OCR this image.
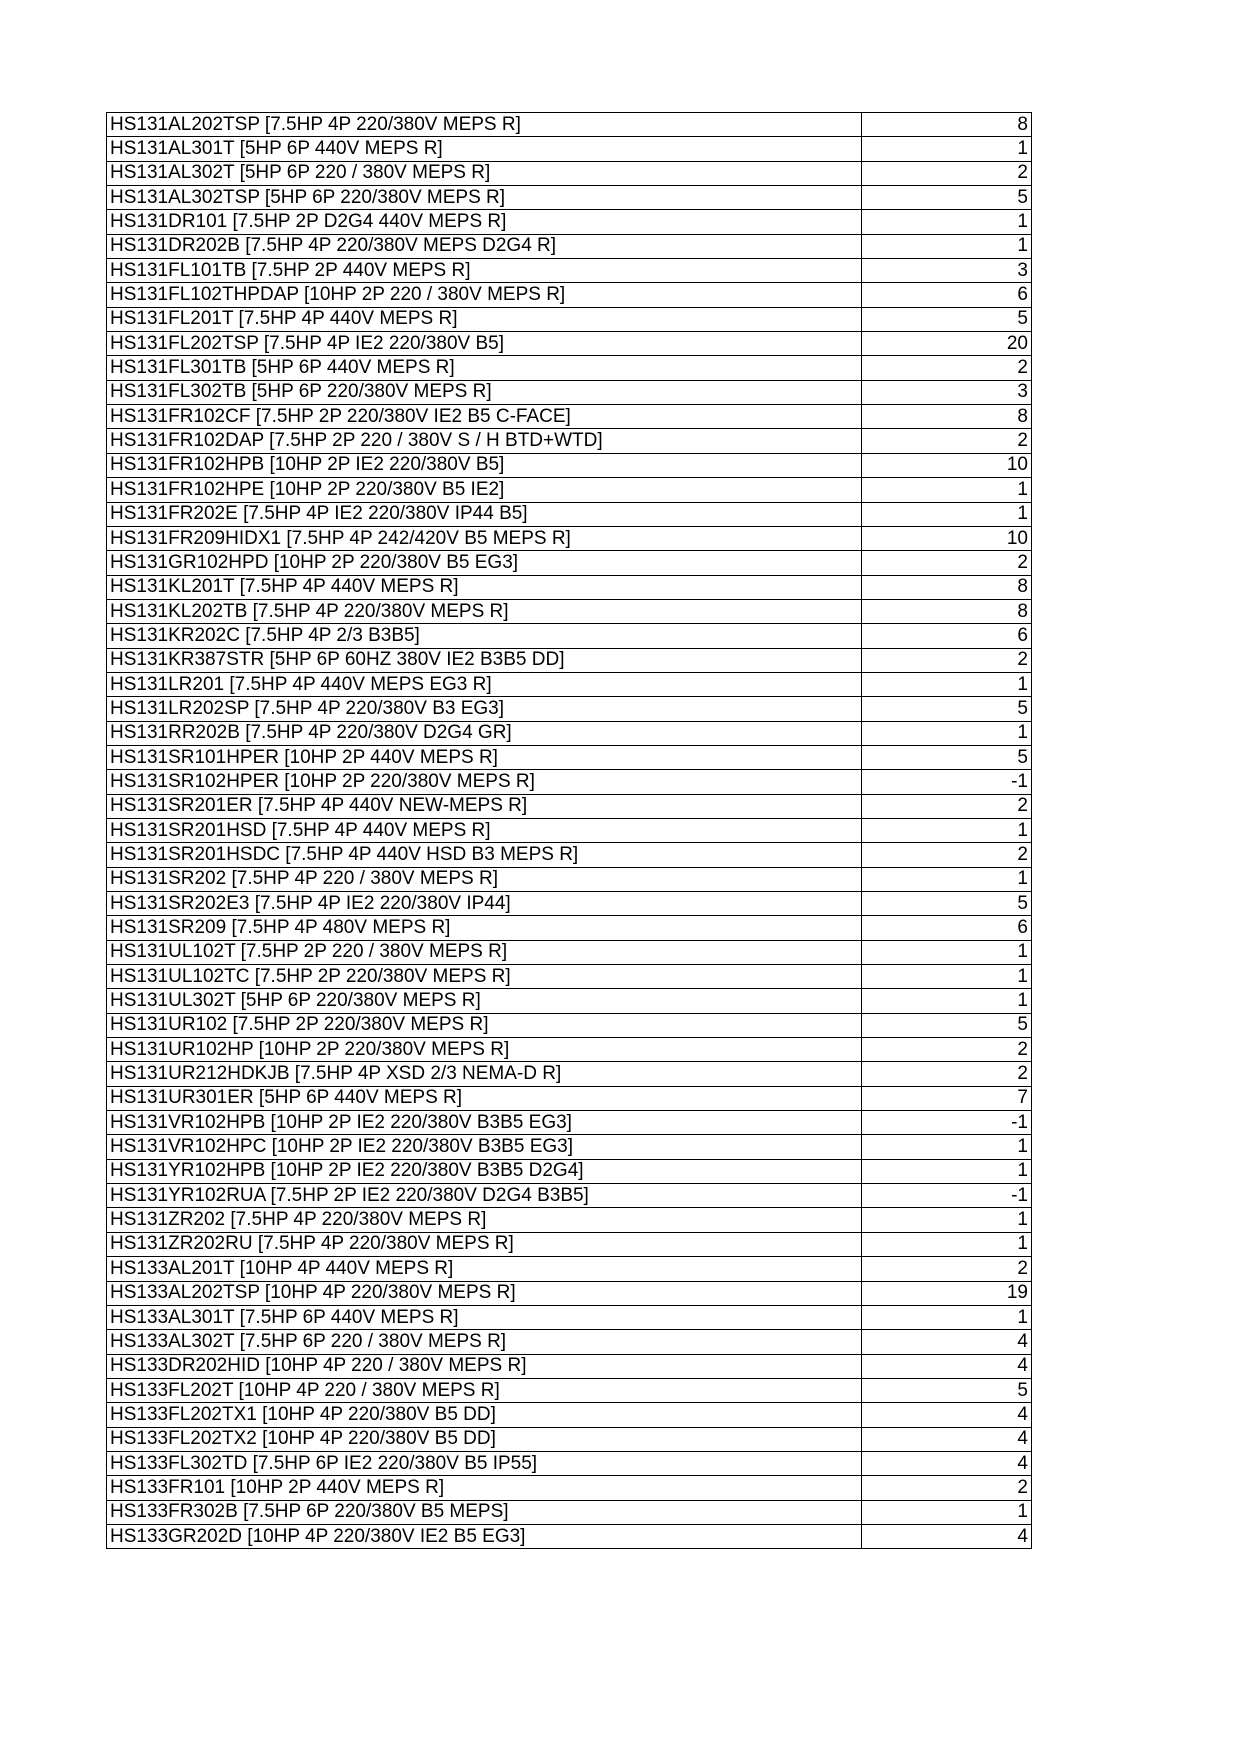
HS131AL202TSP [7.5HP 4P 220/380V MEPS R]	8
HS131AL301T [5HP 6P 440V MEPS R]	1
HS131AL302T [5HP 6P 220 / 380V MEPS R]	2
HS131AL302TSP [5HP 6P 220/380V MEPS R]	5
HS131DR101 [7.5HP 2P D2G4 440V MEPS R]	1
HS131DR202B [7.5HP 4P 220/380V MEPS D2G4 R]	1
HS131FL101TB [7.5HP 2P 440V MEPS R]	3
HS131FL102THPDAP [10HP 2P 220 / 380V MEPS R]	6
HS131FL201T [7.5HP 4P 440V MEPS R]	5
HS131FL202TSP [7.5HP 4P IE2 220/380V B5]	20
HS131FL301TB [5HP 6P 440V MEPS R]	2
HS131FL302TB [5HP 6P 220/380V MEPS R]	3
HS131FR102CF [7.5HP 2P 220/380V IE2 B5 C-FACE]	8
HS131FR102DAP [7.5HP 2P 220 / 380V S / H BTD+WTD]	2
HS131FR102HPB [10HP 2P IE2 220/380V B5]	10
HS131FR102HPE [10HP 2P 220/380V B5 IE2]	1
HS131FR202E [7.5HP 4P IE2 220/380V IP44 B5]	1
HS131FR209HIDX1 [7.5HP 4P 242/420V B5 MEPS R]	10
HS131GR102HPD [10HP 2P 220/380V B5 EG3]	2
HS131KL201T [7.5HP 4P 440V MEPS R]	8
HS131KL202TB [7.5HP 4P 220/380V MEPS R]	8
HS131KR202C [7.5HP 4P 2/3 B3B5]	6
HS131KR387STR [5HP 6P 60HZ 380V IE2 B3B5 DD]	2
HS131LR201 [7.5HP 4P 440V MEPS EG3 R]	1
HS131LR202SP [7.5HP 4P 220/380V B3 EG3]	5
HS131RR202B [7.5HP 4P 220/380V D2G4 GR]	1
HS131SR101HPER [10HP 2P 440V MEPS R]	5
HS131SR102HPER [10HP 2P 220/380V MEPS R]	-1
HS131SR201ER [7.5HP 4P 440V NEW-MEPS R]	2
HS131SR201HSD [7.5HP 4P 440V MEPS R]	1
HS131SR201HSDC [7.5HP 4P 440V HSD B3 MEPS R]	2
HS131SR202 [7.5HP 4P 220 / 380V MEPS R]	1
HS131SR202E3 [7.5HP 4P IE2 220/380V IP44]	5
HS131SR209 [7.5HP 4P 480V MEPS R]	6
HS131UL102T [7.5HP 2P 220 / 380V MEPS R]	1
HS131UL102TC [7.5HP 2P 220/380V MEPS R]	1
HS131UL302T [5HP 6P 220/380V MEPS R]	1
HS131UR102 [7.5HP 2P 220/380V MEPS R]	5
HS131UR102HP [10HP 2P 220/380V MEPS R]	2
HS131UR212HDKJB [7.5HP 4P XSD 2/3 NEMA-D R]	2
HS131UR301ER [5HP 6P 440V MEPS R]	7
HS131VR102HPB [10HP 2P IE2 220/380V B3B5 EG3]	-1
HS131VR102HPC [10HP 2P IE2 220/380V B3B5 EG3]	1
HS131YR102HPB [10HP 2P IE2 220/380V B3B5 D2G4]	1
HS131YR102RUA [7.5HP 2P IE2 220/380V D2G4 B3B5]	-1
HS131ZR202 [7.5HP 4P 220/380V MEPS R]	1
HS131ZR202RU [7.5HP 4P 220/380V MEPS R]	1
HS133AL201T [10HP 4P 440V MEPS R]	2
HS133AL202TSP [10HP 4P 220/380V MEPS R]	19
HS133AL301T [7.5HP 6P 440V MEPS R]	1
HS133AL302T [7.5HP 6P 220 / 380V MEPS R]	4
HS133DR202HID [10HP 4P 220 / 380V MEPS R]	4
HS133FL202T [10HP 4P 220 / 380V MEPS R]	5
HS133FL202TX1 [10HP 4P 220/380V B5 DD]	4
HS133FL202TX2 [10HP 4P 220/380V B5 DD]	4
HS133FL302TD [7.5HP 6P IE2 220/380V B5 IP55]	4
HS133FR101 [10HP 2P 440V MEPS R]	2
HS133FR302B [7.5HP 6P 220/380V B5 MEPS]	1
HS133GR202D [10HP 4P 220/380V IE2 B5 EG3]	4
